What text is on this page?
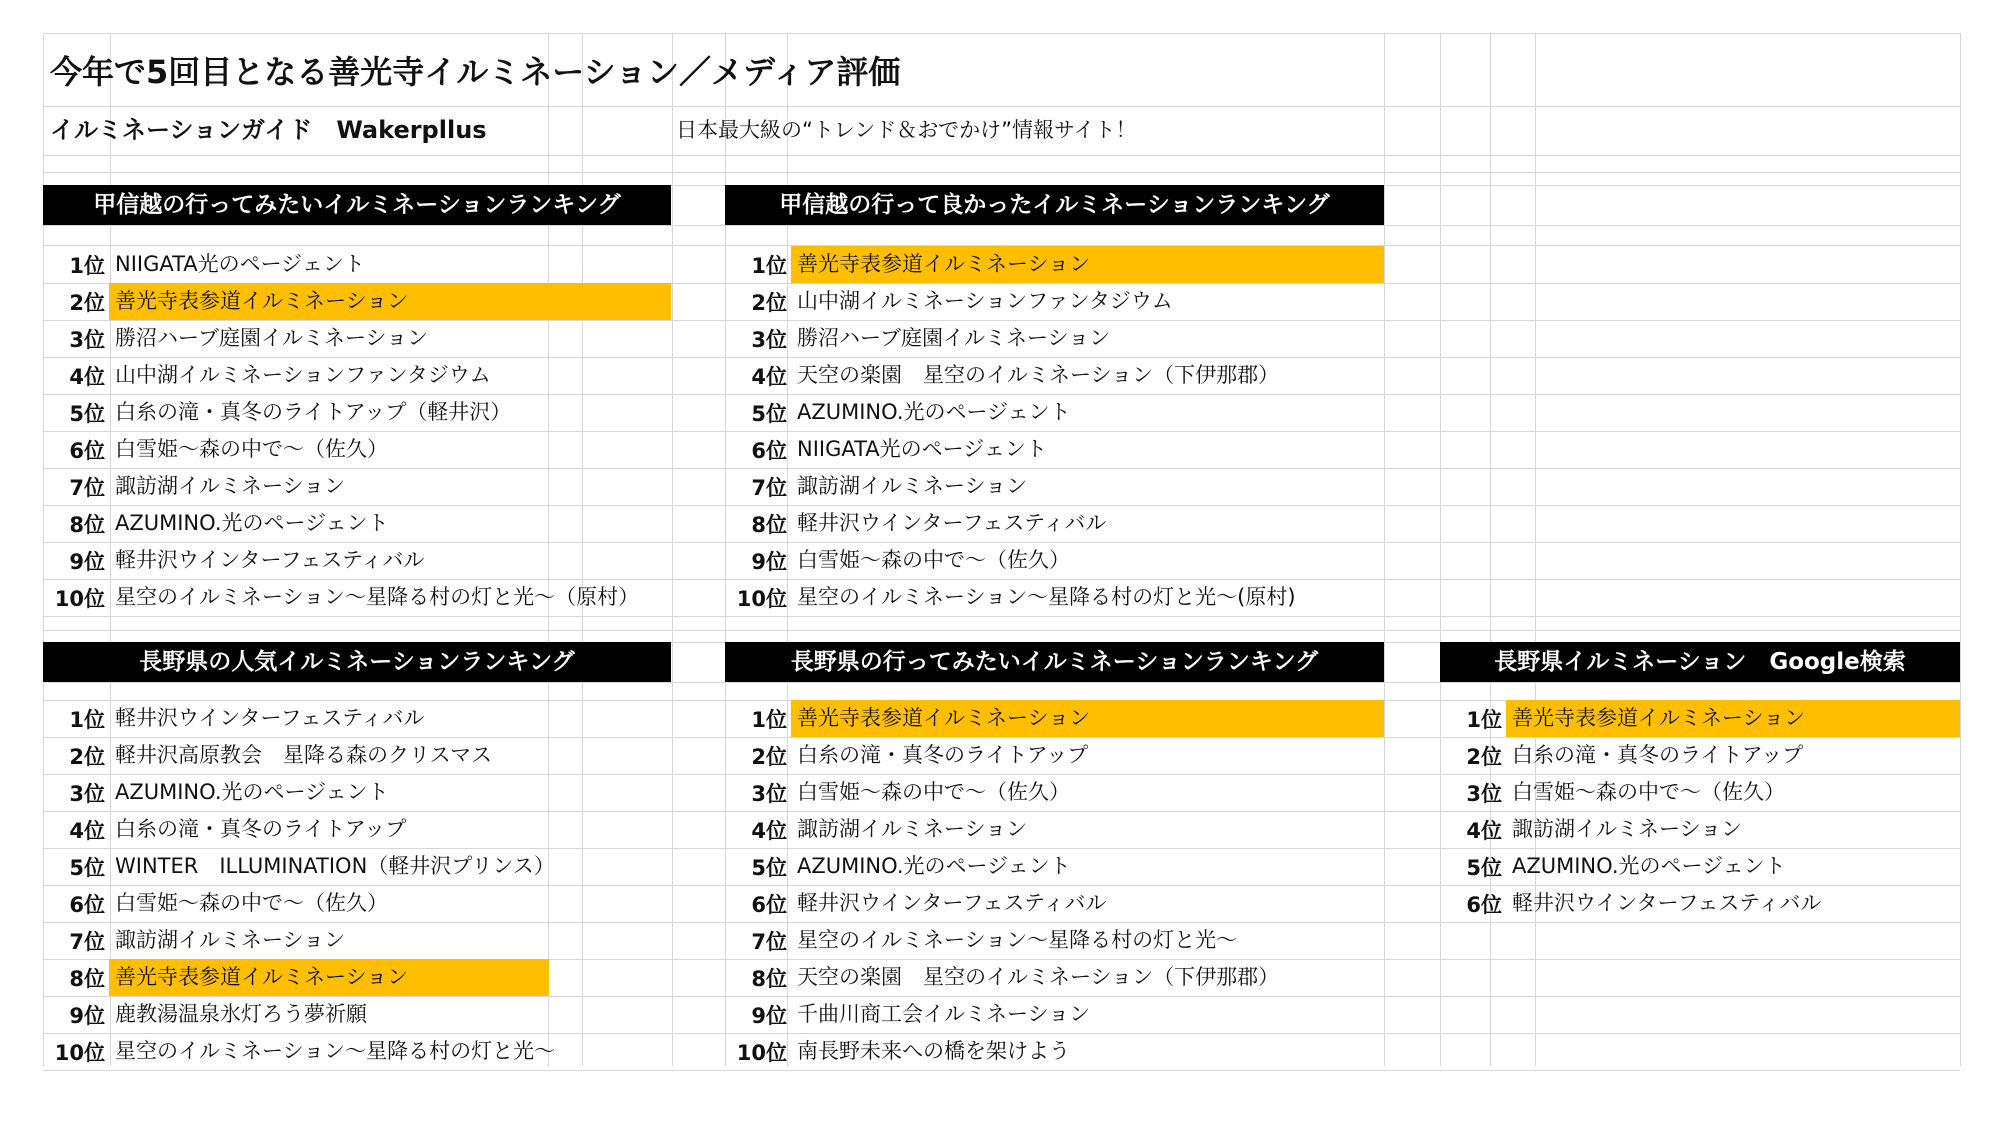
今年で5回目となる善光寺イルミネーション／メディア評価
イルミネーションガイド　Wakerpllus	日本最大級の“トレンド＆おでかけ”情報サイト！
甲信越の行ってみたいイルミネーションランキング
1位 NIIGATA光のページェント
2位 善光寺表参道イルミネーション
3位 勝沼ハーブ庭園イルミネーション
4位 山中湖イルミネーションファンタジウム
5位 白糸の滝・真冬のライトアップ（軽井沢）
6位 白雪姫～森の中で～（佐久）
7位 諏訪湖イルミネーション
8位 AZUMINO.光のページェント
9位 軽井沢ウインターフェスティバル
10位 星空のイルミネーション～星降る村の灯と光～（原村）
甲信越の行って良かったイルミネーションランキング
1位 善光寺表参道イルミネーション
2位 山中湖イルミネーションファンタジウム
3位 勝沼ハーブ庭園イルミネーション
4位 天空の楽園　星空のイルミネーション（下伊那郡）
5位 AZUMINO.光のページェント
6位 NIIGATA光のページェント
7位 諏訪湖イルミネーション
8位 軽井沢ウインターフェスティバル
9位 白雪姫～森の中で～（佐久）
10位 星空のイルミネーション～星降る村の灯と光～(原村)
長野県の人気イルミネーションランキング
1位 軽井沢ウインターフェスティバル
2位 軽井沢高原教会　星降る森のクリスマス
3位 AZUMINO.光のページェント
4位 白糸の滝・真冬のライトアップ
5位 WINTER　ILLUMINATION（軽井沢プリンス）
6位 白雪姫～森の中で～（佐久）
7位 諏訪湖イルミネーション
8位 善光寺表参道イルミネーション
9位 鹿教湯温泉氷灯ろう夢祈願
10位 星空のイルミネーション～星降る村の灯と光～
長野県の行ってみたいイルミネーションランキング
1位 善光寺表参道イルミネーション
2位 白糸の滝・真冬のライトアップ
3位 白雪姫～森の中で～（佐久）
4位 諏訪湖イルミネーション
5位 AZUMINO.光のページェント
6位 軽井沢ウインターフェスティバル
7位 星空のイルミネーション～星降る村の灯と光～
8位 天空の楽園　星空のイルミネーション（下伊那郡）
9位 千曲川商工会イルミネーション
10位 南長野未来への橋を架けよう
長野県イルミネーション　Google検索
1位 善光寺表参道イルミネーション
2位 白糸の滝・真冬のライトアップ
3位 白雪姫～森の中で～（佐久）
4位 諏訪湖イルミネーション
5位 AZUMINO.光のページェント
6位 軽井沢ウインターフェスティバル
